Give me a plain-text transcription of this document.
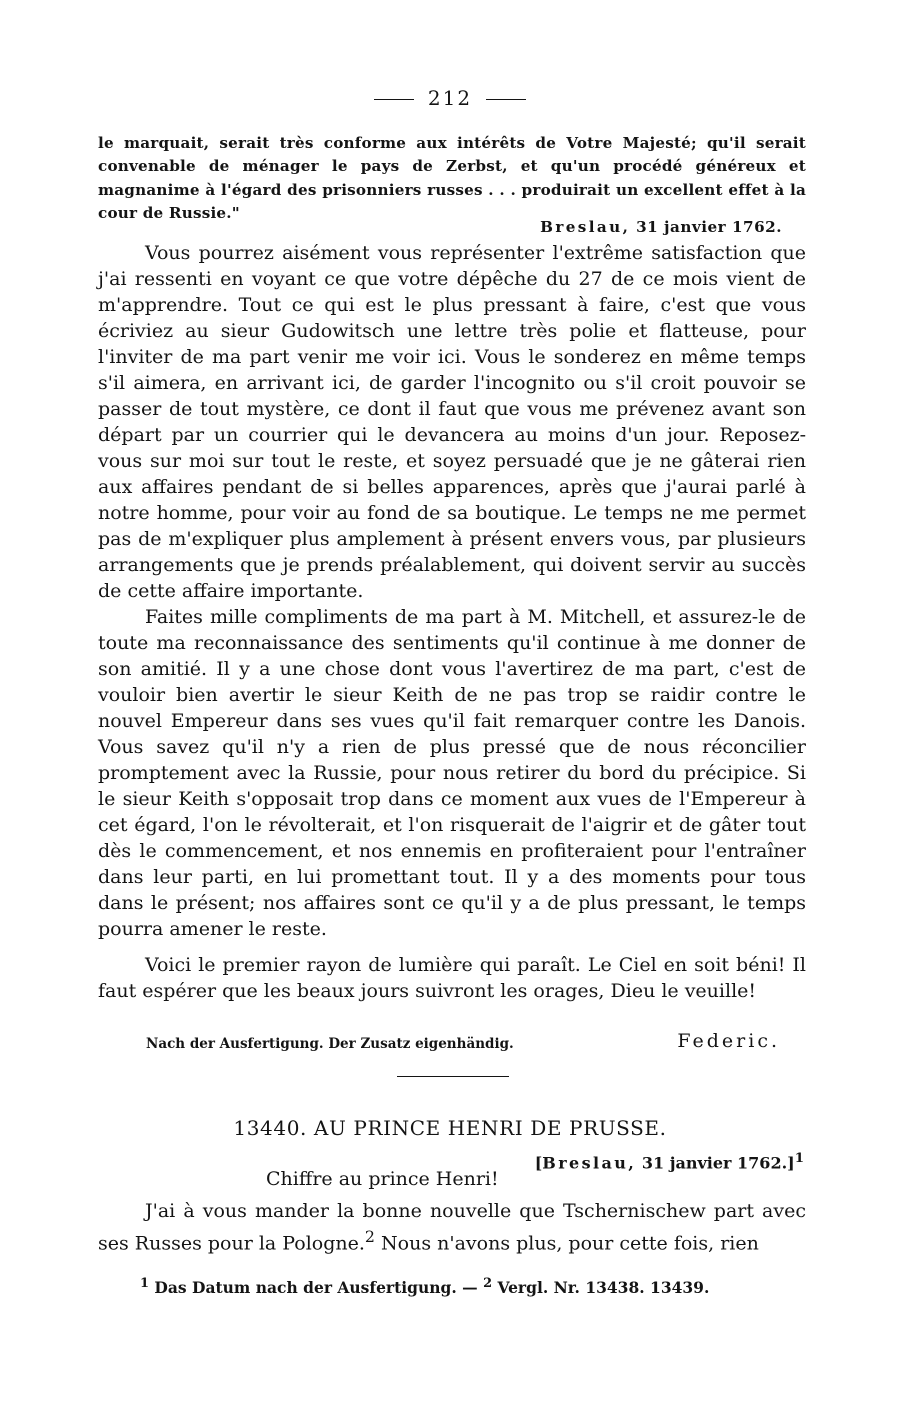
212
le marquait, serait très conforme aux intérêts de Votre Majesté; qu'il serait convenable de ménager le pays de Zerbst, et qu'un procédé généreux et magnanime à l'égard des prisonniers russes . . . produirait un excellent effet à la cour de Russie."
Breslau, 31 janvier 1762.

Vous pourrez aisément vous représenter l'extrême satisfaction que j'ai ressenti en voyant ce que votre dépêche du 27 de ce mois vient de m'apprendre. Tout ce qui est le plus pressant à faire, c'est que vous écriviez au sieur Gudowitsch une lettre très polie et flatteuse, pour l'inviter de ma part venir me voir ici. Vous le sonderez en même temps s'il aimera, en arrivant ici, de garder l'incognito ou s'il croit pouvoir se passer de tout mystère, ce dont il faut que vous me prévenez avant son départ par un courrier qui le devancera au moins d'un jour. Reposez-vous sur moi sur tout le reste, et soyez persuadé que je ne gâterai rien aux affaires pendant de si belles apparences, après que j'aurai parlé à notre homme, pour voir au fond de sa boutique. Le temps ne me permet pas de m'expliquer plus amplement à présent envers vous, par plusieurs arrangements que je prends préalablement, qui doivent servir au succès de cette affaire importante.

Faites mille compliments de ma part à M. Mitchell, et assurez-le de toute ma reconnaissance des sentiments qu'il continue à me donner de son amitié. Il y a une chose dont vous l'avertirez de ma part, c'est de vouloir bien avertir le sieur Keith de ne pas trop se raidir contre le nouvel Empereur dans ses vues qu'il fait remarquer contre les Danois. Vous savez qu'il n'y a rien de plus pressé que de nous réconcilier promptement avec la Russie, pour nous retirer du bord du précipice. Si le sieur Keith s'opposait trop dans ce moment aux vues de l'Empereur à cet égard, l'on le révolterait, et l'on risquerait de l'aigrir et de gâter tout dès le commencement, et nos ennemis en profiteraient pour l'entraîner dans leur parti, en lui promettant tout. Il y a des moments pour tous dans le présent; nos affaires sont ce qu'il y a de plus pressant, le temps pourra amener le reste.

Voici le premier rayon de lumière qui paraît. Le Ciel en soit béni! Il faut espérer que les beaux jours suivront les orages, Dieu le veuille!

Nach der Ausfertigung. Der Zusatz eigenhändig.	Federic.
13440. AU PRINCE HENRI DE PRUSSE.
[Breslau, 31 janvier 1762.]$^1$
Chiffre au prince Henri!

J'ai à vous mander la bonne nouvelle que Tschernischew part avec ses Russes pour la Pologne.$^2$ Nous n'avons plus, pour cette fois, rien

$^1$ Das Datum nach der Ausfertigung. — $^2$ Vergl. Nr. 13438. 13439.
